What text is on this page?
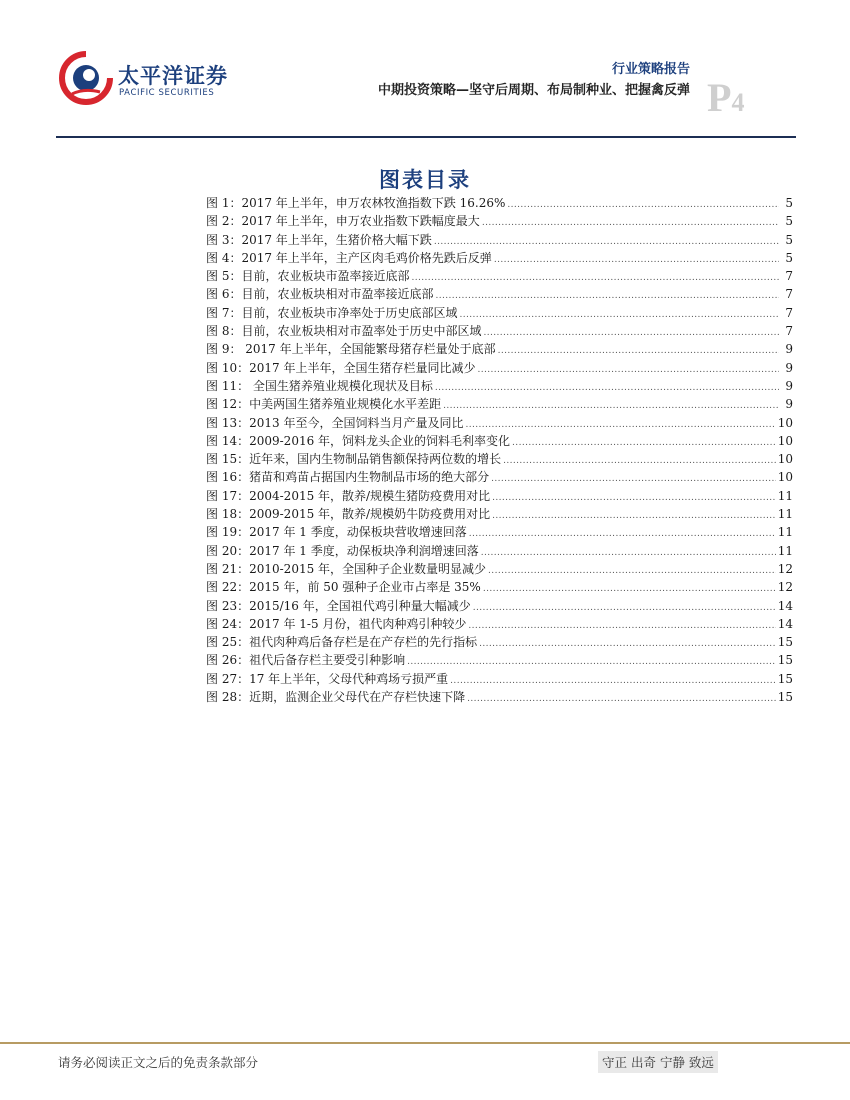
太平洋证券
PACIFIC SECURITIES
行业策略报告
中期投资策略—坚守后周期、布局制种业、把握禽反弹 P4
图表目录
图 1：2017 年上半年，申万农林牧渔指数下跌 16.26% .....	5
图 2：2017 年上半年，申万农业指数下跌幅度最大 .....	5
图 3：2017 年上半年，生猪价格大幅下跌 .....	5
图 4：2017 年上半年，主产区肉毛鸡价格先跌后反弹 .....	5
图 5：目前，农业板块市盈率接近底部 .....	7
图 6：目前，农业板块相对市盈率接近底部 .....	7
图 7：目前，农业板块市净率处于历史底部区域 .....	7
图 8：目前，农业板块相对市盈率处于历史中部区域 .....	7
图 9： 2017 年上半年，全国能繁母猪存栏量处于底部 .....	9
图 10：2017 年上半年，全国生猪存栏量同比减少 .....	9
图 11： 全国生猪养殖业规模化现状及目标 .....	9
图 12：中美两国生猪养殖业规模化水平差距 .....	9
图 13：2013 年至今，全国饲料当月产量及同比 .....	10
图 14：2009-2016 年，饲料龙头企业的饲料毛利率变化 .....	10
图 15：近年来，国内生物制品销售额保持两位数的增长 .....	10
图 16：猪苗和鸡苗占据国内生物制品市场的绝大部分 .....	10
图 17：2004-2015 年，散养/规模生猪防疫费用对比 .....	11
图 18：2009-2015 年，散养/规模奶牛防疫费用对比 .....	11
图 19：2017 年 1 季度，动保板块营收增速回落 .....	11
图 20：2017 年 1 季度，动保板块净利润增速回落 .....	11
图 21：2010-2015 年，全国种子企业数量明显减少 .....	12
图 22：2015 年，前 50 强种子企业市占率是 35% .....	12
图 23：2015/16 年，全国祖代鸡引种量大幅减少 .....	14
图 24：2017 年 1-5 月份，祖代肉种鸡引种较少 .....	14
图 25：祖代肉种鸡后备存栏是在产存栏的先行指标 .....	15
图 26：祖代后备存栏主要受引种影响 .....	15
图 27：17 年上半年，父母代种鸡场亏损严重 .....	15
图 28：近期，监测企业父母代在产存栏快速下降 .....	15
请务必阅读正文之后的免责条款部分	守正 出奇 宁静 致远
